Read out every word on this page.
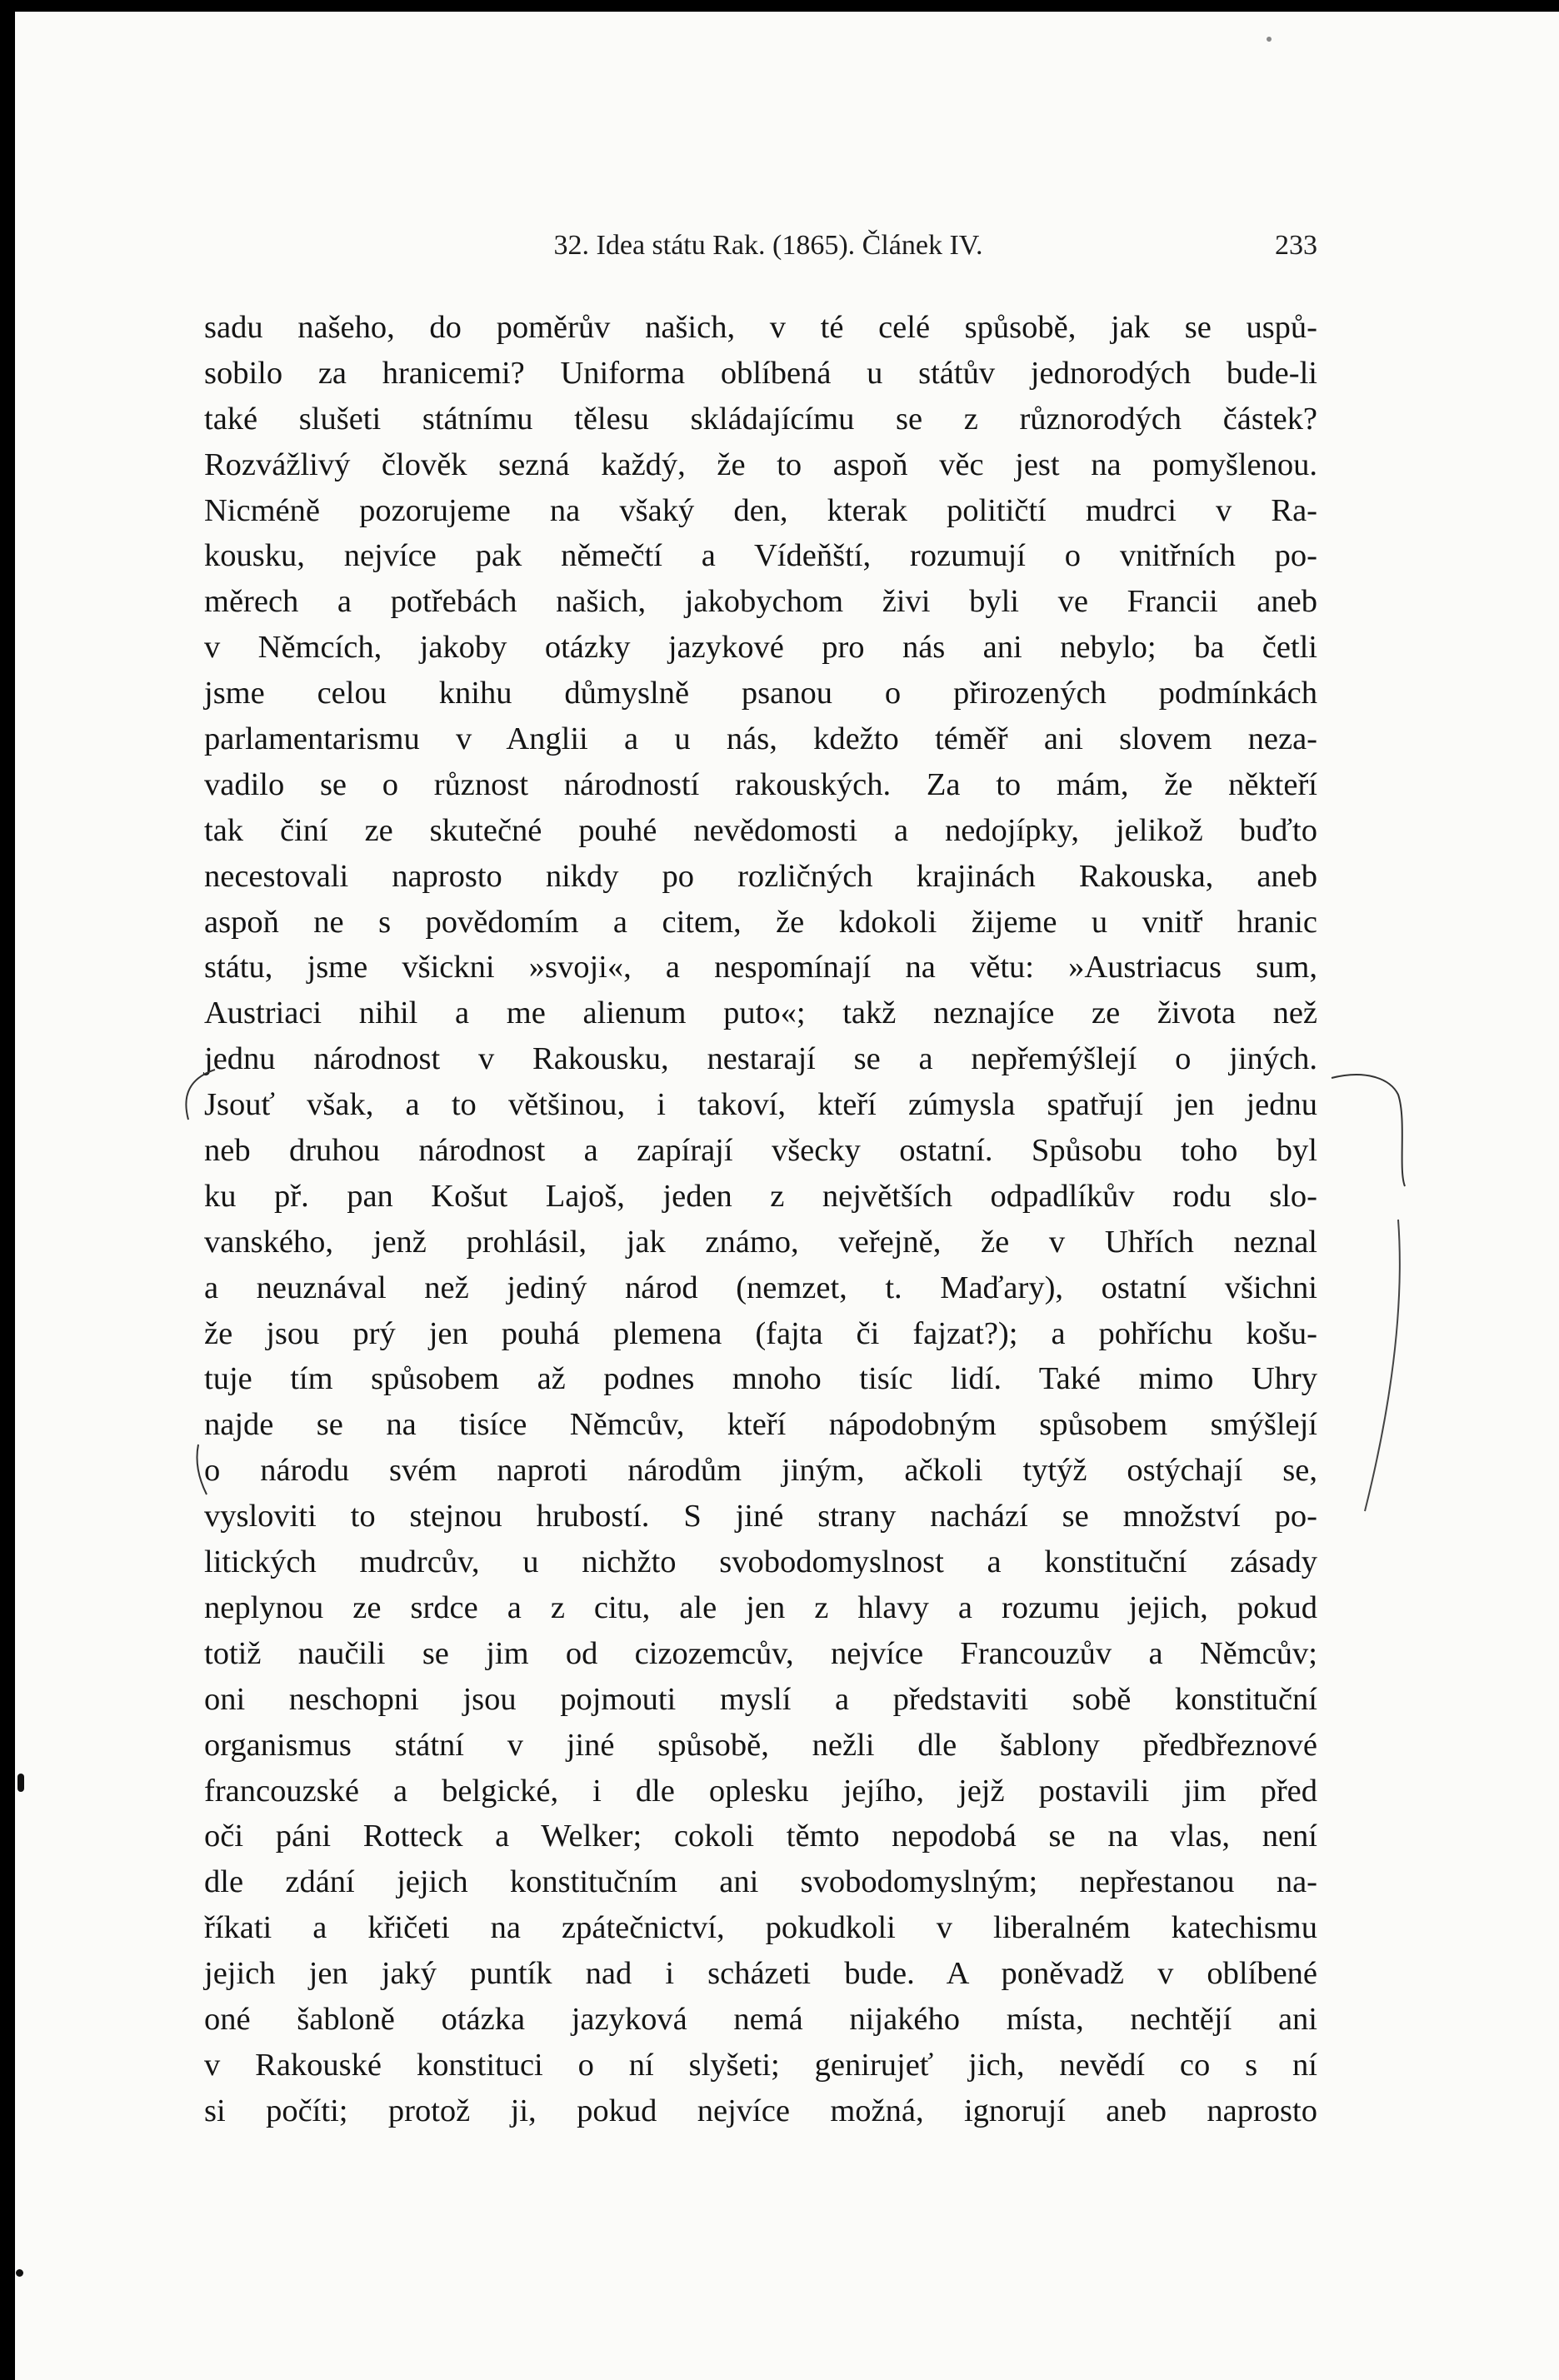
32. Idea státu Rak. (1865). Článek IV.	233
sadu našeho, do poměrův našich, v té celé spůsobě, jak se uspů-
sobilo za hranicemi? Uniforma oblíbená u státův jednorodých bude-li
také slušeti státnímu tělesu skládajícímu se z různorodých částek?
Rozvážlivý člověk sezná každý, že to aspoň věc jest na pomyšlenou.
Nicméně pozorujeme na všaký den, kterak političtí mudrci v Ra-
kousku, nejvíce pak němečtí a Vídeňští, rozumují o vnitřních po-
měrech a potřebách našich, jakobychom živi byli ve Francii aneb
v Němcích, jakoby otázky jazykové pro nás ani nebylo; ba četli
jsme celou knihu důmyslně psanou o přirozených podmínkách
parlamentarismu v Anglii a u nás, kdežto téměř ani slovem neza-
vadilo se o různost národností rakouských. Za to mám, že někteří
tak činí ze skutečné pouhé nevědomosti a nedojípky, jelikož buďto
necestovali naprosto nikdy po rozličných krajinách Rakouska, aneb
aspoň ne s povědomím a citem, že kdokoli žijeme u vnitř hranic
státu, jsme všickni »svoji«, a nespomínají na větu: »Austriacus sum,
Austriaci nihil a me alienum puto«; takž neznajíce ze života než
jednu národnost v Rakousku, nestarají se a nepřemýšlejí o jiných.
Jsouť však, a to většinou, i takoví, kteří zúmysla spatřují jen jednu
neb druhou národnost a zapírají všecky ostatní. Spůsobu toho byl
ku př. pan Košut Lajoš, jeden z největších odpadlíkův rodu slo-
vanského, jenž prohlásil, jak známo, veřejně, že v Uhřích neznal
a neuznával než jediný národ (nemzet, t. Maďary), ostatní všichni
že jsou prý jen pouhá plemena (fajta či fajzat?); a pohříchu košu-
tuje tím spůsobem až podnes mnoho tisíc lidí. Také mimo Uhry
najde se na tisíce Němcův, kteří nápodobným spůsobem smýšlejí
o národu svém naproti národům jiným, ačkoli tytýž ostýchají se,
vysloviti to stejnou hrubostí. S jiné strany nachází se množství po-
litických mudrcův, u nichžto svobodomyslnost a konstituční zásady
neplynou ze srdce a z citu, ale jen z hlavy a rozumu jejich, pokud
totiž naučili se jim od cizozemcův, nejvíce Francouzův a Němcův;
oni neschopni jsou pojmouti myslí a představiti sobě konstituční
organismus státní v jiné spůsobě, nežli dle šablony předbřeznové
francouzské a belgické, i dle oplesku jejího, jejž postavili jim před
oči páni Rotteck a Welker; cokoli těmto nepodobá se na vlas, není
dle zdání jejich konstitučním ani svobodomyslným; nepřestanou na-
říkati a křičeti na zpátečnictví, pokudkoli v liberalném katechismu
jejich jen jaký puntík nad i scházeti bude. A poněvadž v oblíbené
oné šabloně otázka jazyková nemá nijakého místa, nechtějí ani
v Rakouské konstituci o ní slyšeti; genirujeť jich, nevědí co s ní
si počíti; protož ji, pokud nejvíce možná, ignorují aneb naprosto
